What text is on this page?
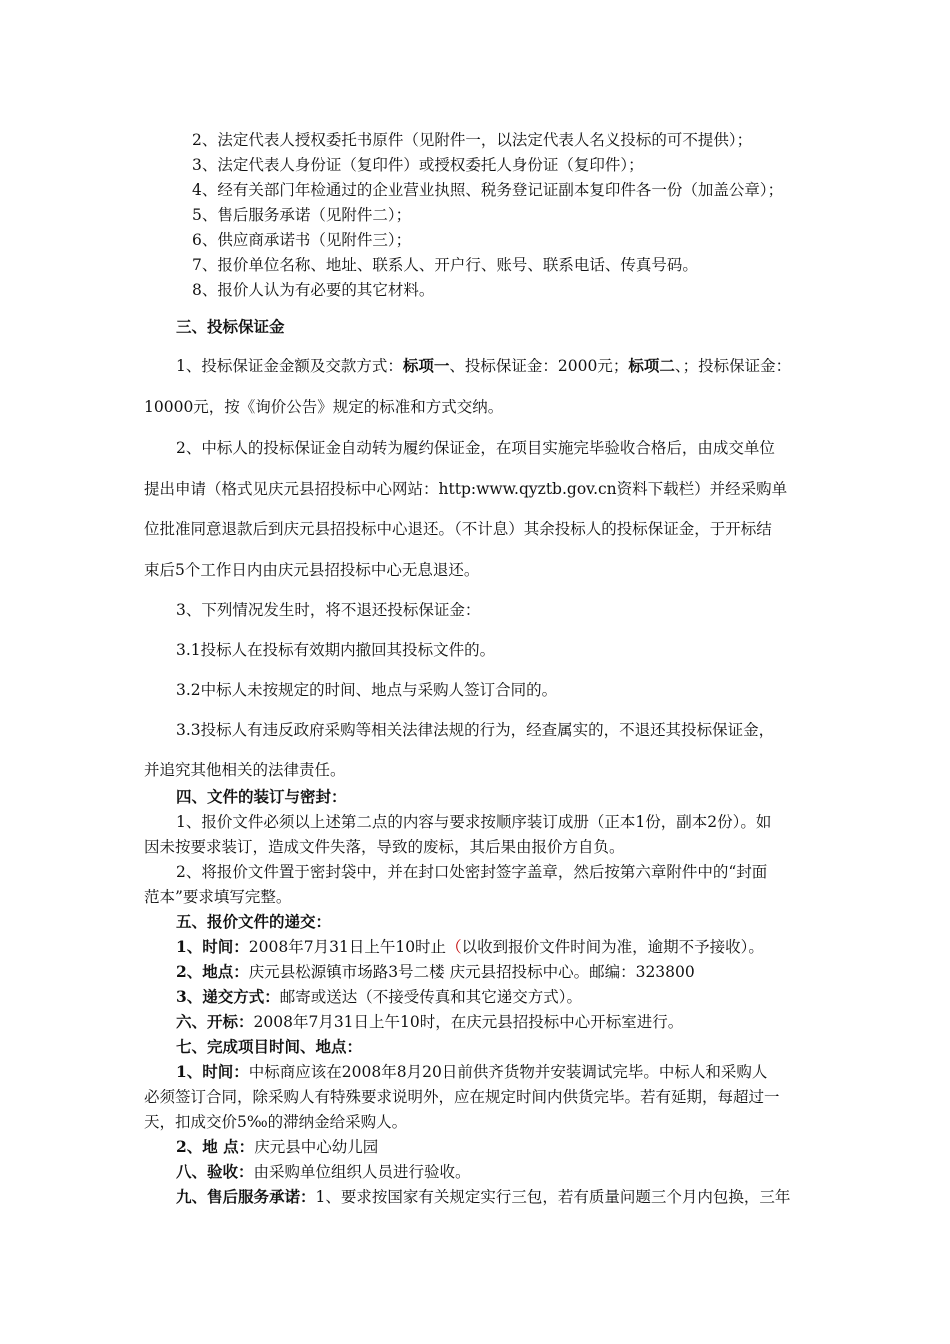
2、法定代表人授权委托书原件（见附件一，以法定代表人名义投标的可不提供）；
3、法定代表人身份证（复印件）或授权委托人身份证（复印件）；
4、经有关部门年检通过的企业营业执照、税务登记证副本复印件各一份（加盖公章）；
5、售后服务承诺（见附件二）；
6、供应商承诺书（见附件三）；
7、报价单位名称、地址、联系人、开户行、账号、联系电话、传真号码。
8、报价人认为有必要的其它材料。
三、投标保证金
1、投标保证金金额及交款方式：标项一、投标保证金：2000元；标项二、；投标保证金：
10000元，按《询价公告》规定的标准和方式交纳。
2、中标人的投标保证金自动转为履约保证金，在项目实施完毕验收合格后，由成交单位
提出申请（格式见庆元县招投标中心网站：http:www.qyztb.gov.cn资料下载栏）并经采购单
位批准同意退款后到庆元县招投标中心退还。（不计息）其余投标人的投标保证金，于开标结
束后5个工作日内由庆元县招投标中心无息退还。
3、下列情况发生时，将不退还投标保证金：
3.1投标人在投标有效期内撤回其投标文件的。
3.2中标人未按规定的时间、地点与采购人签订合同的。
3.3投标人有违反政府采购等相关法律法规的行为，经查属实的，不退还其投标保证金，
并追究其他相关的法律责任。
四、文件的装订与密封：
1、报价文件必须以上述第二点的内容与要求按顺序装订成册（正本1份，副本2份）。如
因未按要求装订，造成文件失落，导致的废标，其后果由报价方自负。
2、将报价文件置于密封袋中，并在封口处密封签字盖章，然后按第六章附件中的“封面
范本”要求填写完整。
五、报价文件的递交：
1、时间：2008年7月31日上午10时止（以收到报价文件时间为准，逾期不予接收）。
2、地点：庆元县松源镇市场路3号二楼 庆元县招投标中心。邮编：323800
3、递交方式：邮寄或送达（不接受传真和其它递交方式）。
六、开标：2008年7月31日上午10时，在庆元县招投标中心开标室进行。
七、完成项目时间、地点：
1、时间：中标商应该在2008年8月20日前供齐货物并安装调试完毕。中标人和采购人
必须签订合同，除采购人有特殊要求说明外，应在规定时间内供货完毕。若有延期，每超过一
天，扣成交价5‰的滞纳金给采购人。
2、地 点：庆元县中心幼儿园
八、验收：由采购单位组织人员进行验收。
九、售后服务承诺：1、要求按国家有关规定实行三包，若有质量问题三个月内包换，三年
